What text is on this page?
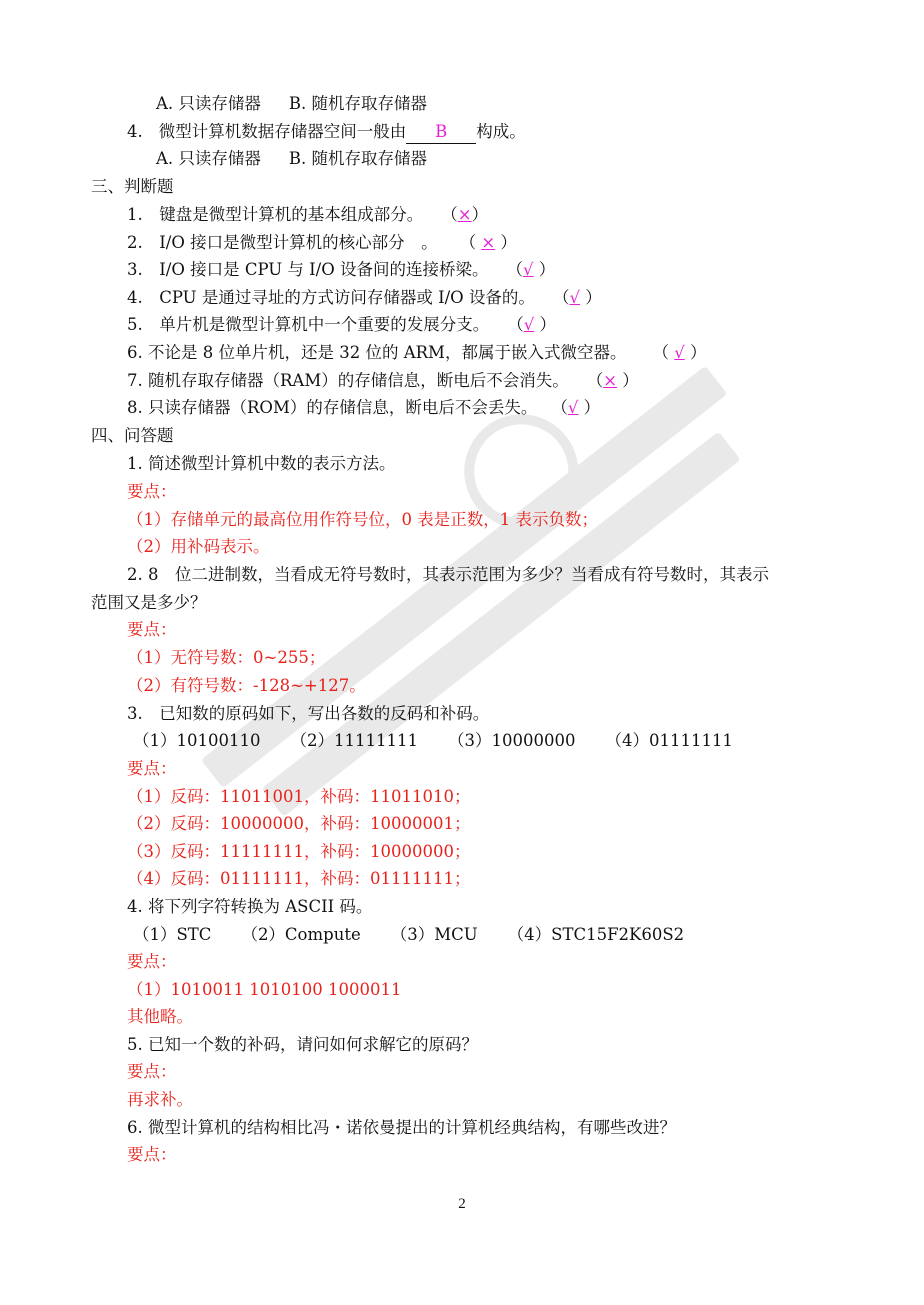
A. 只读存储器 B. 随机存取存储器
4. 微型计算机数据存储器空间一般由 B 构成。
A. 只读存储器 B. 随机存取存储器
三、判断题
1.　键盘是微型计算机的基本组成部分。 （×）
2.　I/O 接口是微型计算机的核心部分　。 （ × ）
3.　I/O 接口是 CPU 与 I/O 设备间的连接桥梁。 （√ ）
4.　CPU 是通过寻址的方式访问存储器或 I/O 设备的。 （√ ）
5.　单片机是微型计算机中一个重要的发展分支。 （√ ）
6. 不论是 8 位单片机，还是 32 位的 ARM，都属于嵌入式微空器。 （ √ ）
7. 随机存取存储器（RAM）的存储信息，断电后不会消失。 （× ）
8. 只读存储器（ROM）的存储信息，断电后不会丢失。 （√ ）
四、问答题
1. 简述微型计算机中数的表示方法。
要点：
（1）存储单元的最高位用作符号位，0 表是正数，1 表示负数；
（2）用补码表示。
2. 8　位二进制数，当看成无符号数时，其表示范围为多少？当看成有符号数时，其表示
范围又是多少？
要点：
（1）无符号数：0~255；
（2）有符号数：-128~+127。
3.　已知数的原码如下，写出各数的反码和补码。
（1）10100110 （2）11111111 （3）10000000 （4）01111111
要点：
（1）反码：11011001，补码：11011010；
（2）反码：10000000，补码：10000001；
（3）反码：11111111，补码：10000000；
（4）反码：01111111，补码：01111111；
4. 将下列字符转换为 ASCII 码。
（1）STC （2）Compute （3）MCU （4）STC15F2K60S2
要点：
（1）1010011 1010100 1000011
其他略。
5. 已知一个数的补码，请问如何求解它的原码？
要点：
再求补。
6. 微型计算机的结构相比冯・诺依曼提出的计算机经典结构，有哪些改进？
要点：
2
